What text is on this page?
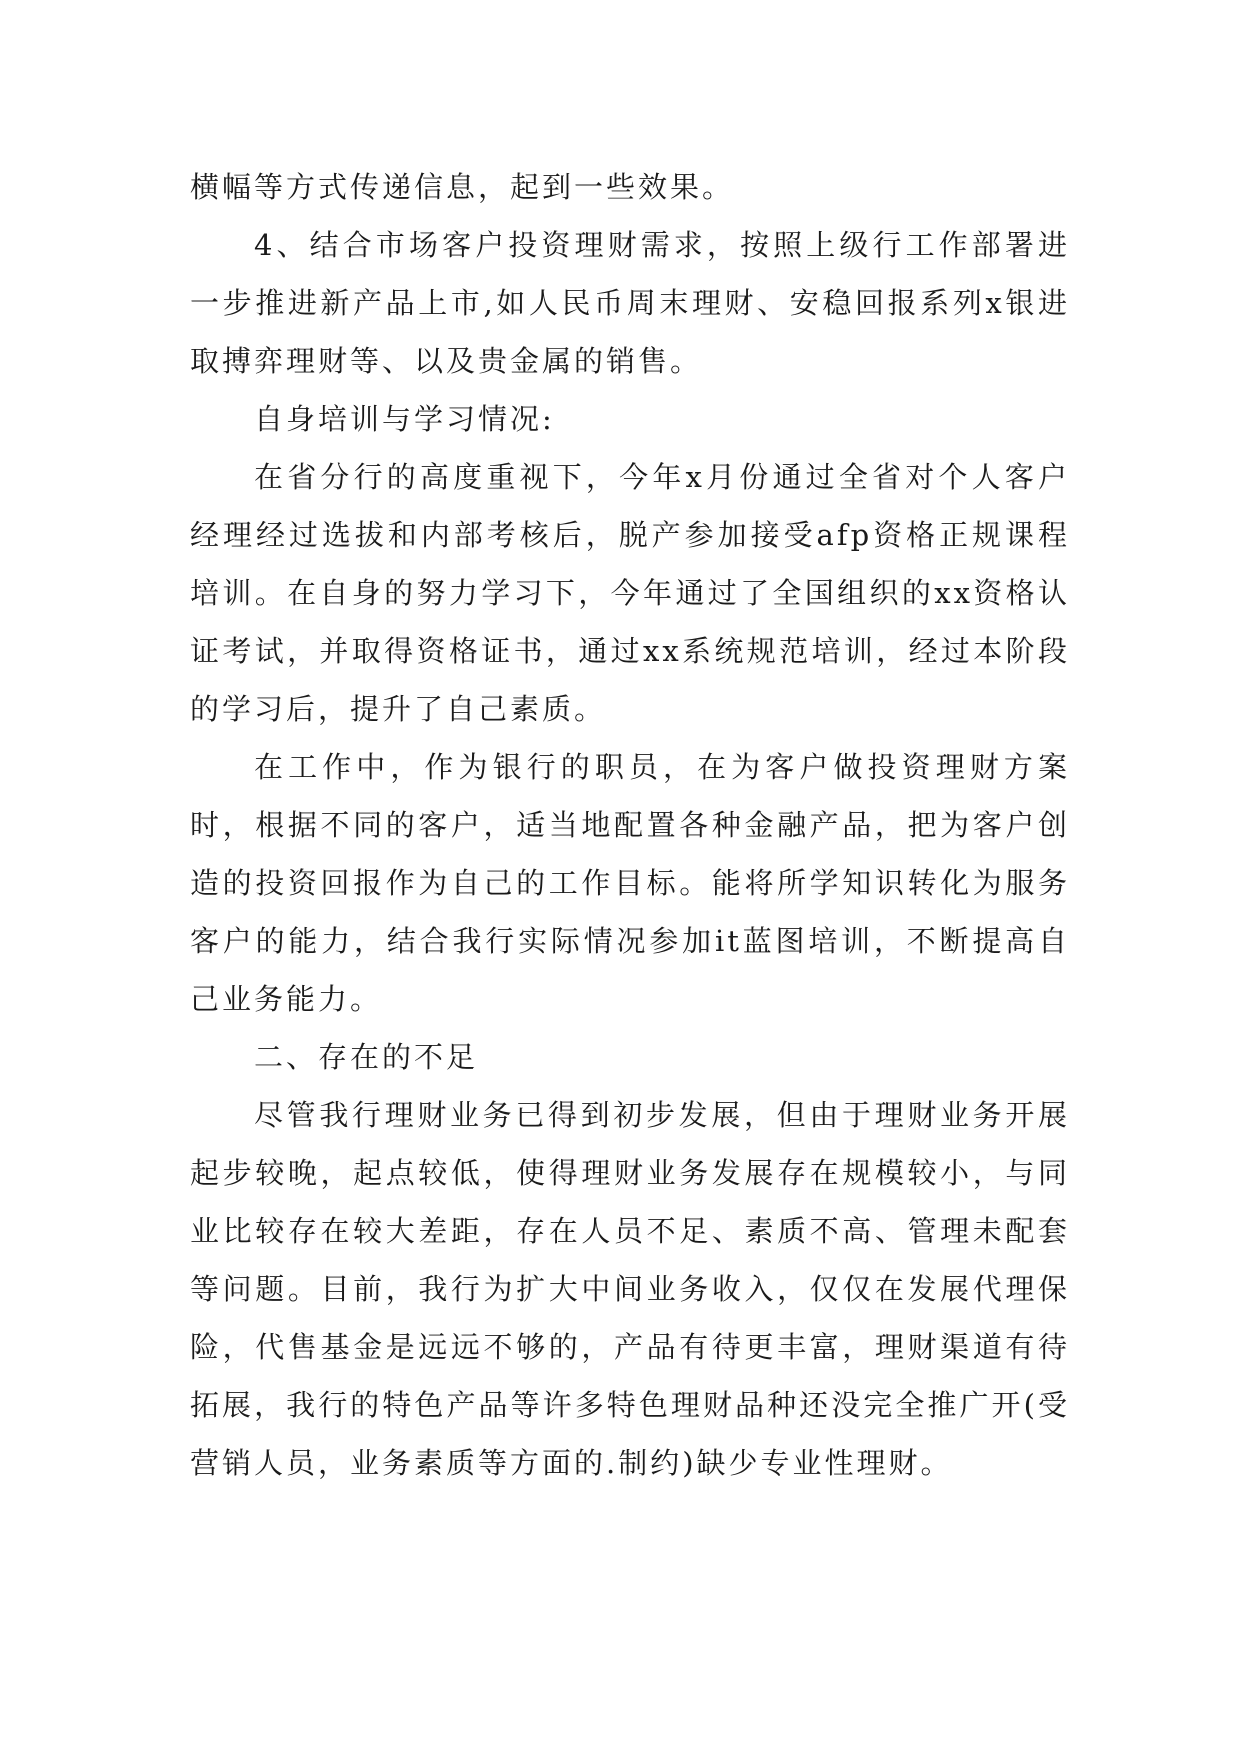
横幅等方式传递信息，起到一些效果。

4、结合市场客户投资理财需求，按照上级行工作部署进一步推进新产品上市,如人民币周末理财、安稳回报系列x银进取搏弈理财等、以及贵金属的销售。

自身培训与学习情况:

在省分行的高度重视下，今年x月份通过全省对个人客户经理经过选拔和内部考核后，脱产参加接受afp资格正规课程培训。在自身的努力学习下，今年通过了全国组织的xx资格认证考试，并取得资格证书，通过xx系统规范培训，经过本阶段的学习后，提升了自己素质。

在工作中，作为银行的职员，在为客户做投资理财方案时，根据不同的客户，适当地配置各种金融产品，把为客户创造的投资回报作为自己的工作目标。能将所学知识转化为服务客户的能力，结合我行实际情况参加it蓝图培训，不断提高自己业务能力。

二、存在的不足

尽管我行理财业务已得到初步发展，但由于理财业务开展起步较晚，起点较低，使得理财业务发展存在规模较小，与同业比较存在较大差距，存在人员不足、素质不高、管理未配套等问题。目前，我行为扩大中间业务收入，仅仅在发展代理保险，代售基金是远远不够的，产品有待更丰富，理财渠道有待拓展，我行的特色产品等许多特色理财品种还没完全推广开(受营销人员，业务素质等方面的.制约)缺少专业性理财。
